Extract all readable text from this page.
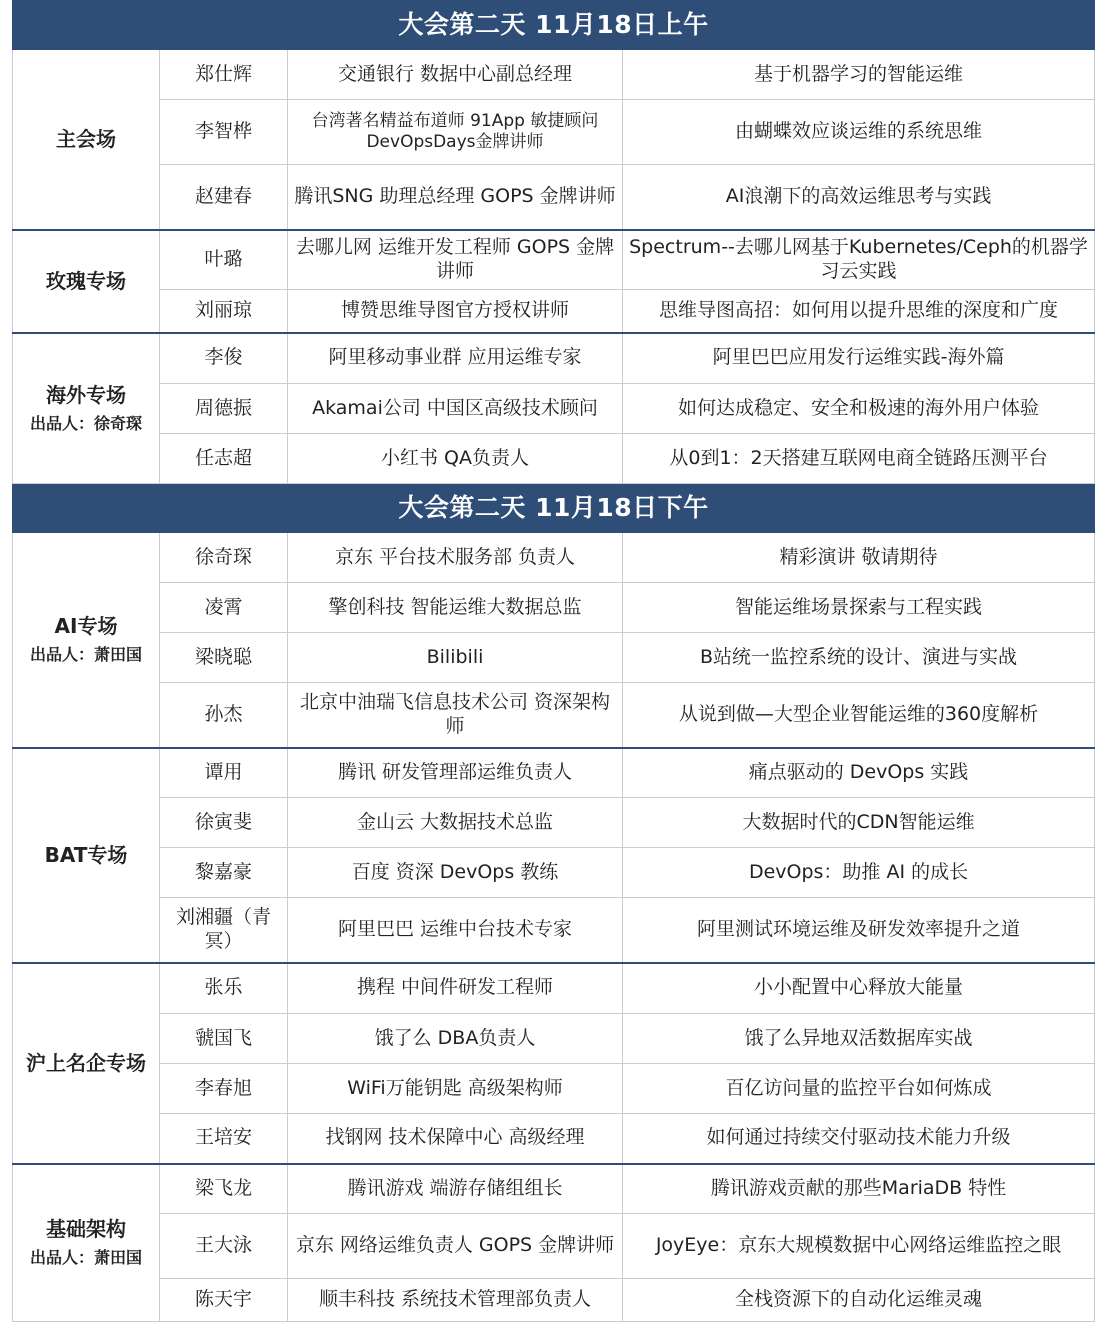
大会第二天 11月18日上午			
主会场	郑仕辉	交通银行 数据中心副总经理	基于机器学习的智能运维
	李智桦	台湾著名精益布道师 91App 敏捷顾问 DevOpsDays金牌讲师	由蝴蝶效应谈运维的系统思维
	赵建春	腾讯SNG 助理总经理 GOPS 金牌讲师	AI浪潮下的高效运维思考与实践
玫瑰专场	叶璐	去哪儿网 运维开发工程师 GOPS 金牌讲师	Spectrum--去哪儿网基于Kubernetes/Ceph的机器学习云实践
	刘丽琼	博赞思维导图官方授权讲师	思维导图高招：如何用以提升思维的深度和广度
海外专场
出品人：徐奇琛	李俊	阿里移动事业群 应用运维专家	阿里巴巴应用发行运维实践-海外篇
	周德振	Akamai公司 中国区高级技术顾问	如何达成稳定、安全和极速的海外用户体验
	任志超	小红书 QA负责人	从0到1：2天搭建互联网电商全链路压测平台
大会第二天 11月18日下午			
AI专场
出品人：萧田国	徐奇琛	京东 平台技术服务部 负责人	精彩演讲 敬请期待
	凌霄	擎创科技 智能运维大数据总监	智能运维场景探索与工程实践
	梁晓聪	Bilibili	B站统一监控系统的设计、演进与实战
	孙杰	北京中油瑞飞信息技术公司 资深架构师	从说到做—大型企业智能运维的360度解析
BAT专场	谭用	腾讯 研发管理部运维负责人	痛点驱动的 DevOps 实践
	徐寅斐	金山云 大数据技术总监	大数据时代的CDN智能运维
	黎嘉豪	百度 资深 DevOps 教练	DevOps：助推 AI 的成长
	刘湘疆（青冥）	阿里巴巴 运维中台技术专家	阿里测试环境运维及研发效率提升之道
沪上名企专场	张乐	携程 中间件研发工程师	小小配置中心释放大能量
	虢国飞	饿了么 DBA负责人	饿了么异地双活数据库实战
	李春旭	WiFi万能钥匙 高级架构师	百亿访问量的监控平台如何炼成
	王培安	找钢网 技术保障中心 高级经理	如何通过持续交付驱动技术能力升级
基础架构
出品人：萧田国	梁飞龙	腾讯游戏 端游存储组组长	腾讯游戏贡献的那些MariaDB 特性
	王大泳	京东 网络运维负责人 GOPS 金牌讲师	JoyEye：京东大规模数据中心网络运维监控之眼
	陈天宇	顺丰科技 系统技术管理部负责人	全栈资源下的自动化运维灵魂
